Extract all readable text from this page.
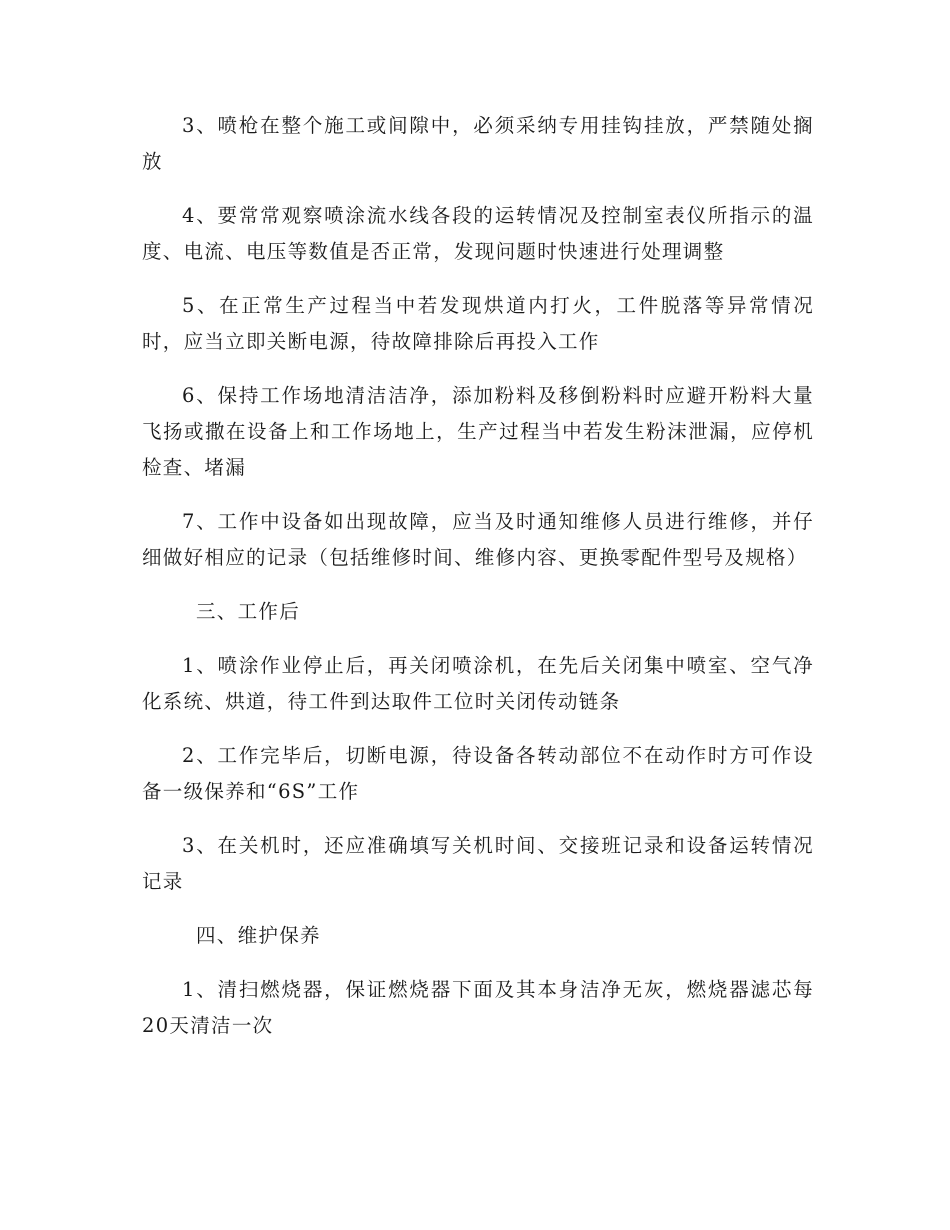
3、喷枪在整个施工或间隙中，必须采纳专用挂钩挂放，严禁随处搁放

4、要常常观察喷涂流水线各段的运转情况及控制室表仪所指示的温度、电流、电压等数值是否正常，发现问题时快速进行处理调整

5、在正常生产过程当中若发现烘道内打火，工件脱落等异常情况时，应当立即关断电源，待故障排除后再投入工作

6、保持工作场地清洁洁净，添加粉料及移倒粉料时应避开粉料大量飞扬或撒在设备上和工作场地上，生产过程当中若发生粉沫泄漏，应停机检查、堵漏

7、工作中设备如出现故障，应当及时通知维修人员进行维修，并仔细做好相应的记录（包括维修时间、维修内容、更换零配件型号及规格）

三、工作后

1、喷涂作业停止后，再关闭喷涂机，在先后关闭集中喷室、空气净化系统、烘道，待工件到达取件工位时关闭传动链条

2、工作完毕后，切断电源，待设备各转动部位不在动作时方可作设备一级保养和“6S”工作

3、在关机时，还应准确填写关机时间、交接班记录和设备运转情况记录

四、维护保养

1、清扫燃烧器，保证燃烧器下面及其本身洁净无灰，燃烧器滤芯每20天清洁一次
